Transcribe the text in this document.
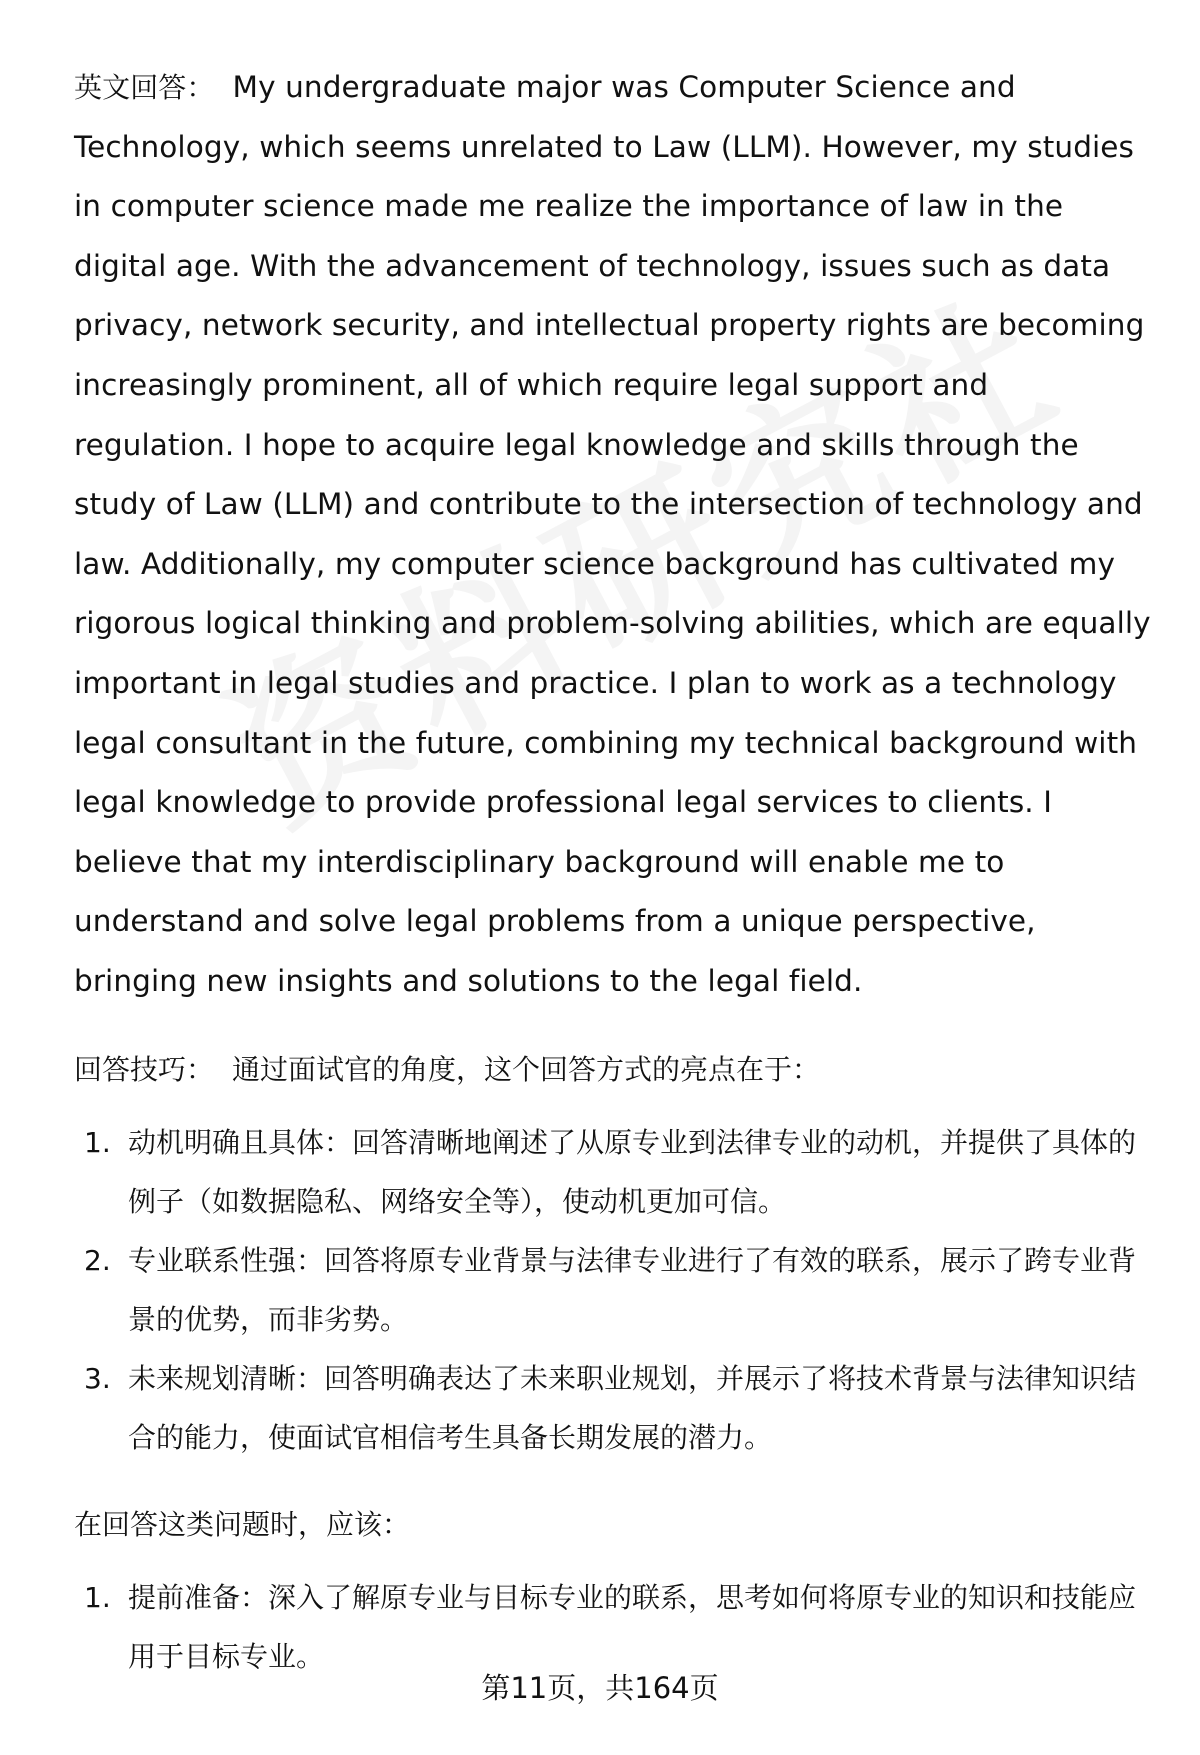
英文回答： My undergraduate major was Computer Science and Technology, which seems unrelated to Law (LLM). However, my studies in computer science made me realize the importance of law in the digital age. With the advancement of technology, issues such as data privacy, network security, and intellectual property rights are becoming increasingly prominent, all of which require legal support and regulation. I hope to acquire legal knowledge and skills through the study of Law (LLM) and contribute to the intersection of technology and law. Additionally, my computer science background has cultivated my rigorous logical thinking and problem-solving abilities, which are equally important in legal studies and practice. I plan to work as a technology legal consultant in the future, combining my technical background with legal knowledge to provide professional legal services to clients. I believe that my interdisciplinary background will enable me to understand and solve legal problems from a unique perspective, bringing new insights and solutions to the legal field.

回答技巧： 通过面试官的角度，这个回答方式的亮点在于：

1. 动机明确且具体：回答清晰地阐述了从原专业到法律专业的动机，并提供了具体的例子（如数据隐私、网络安全等），使动机更加可信。
2. 专业联系性强：回答将原专业背景与法律专业进行了有效的联系，展示了跨专业背景的优势，而非劣势。
3. 未来规划清晰：回答明确表达了未来职业规划，并展示了将技术背景与法律知识结合的能力，使面试官相信考生具备长期发展的潜力。

在回答这类问题时，应该：

1. 提前准备：深入了解原专业与目标专业的联系，思考如何将原专业的知识和技能应用于目标专业。
第11页，共164页
